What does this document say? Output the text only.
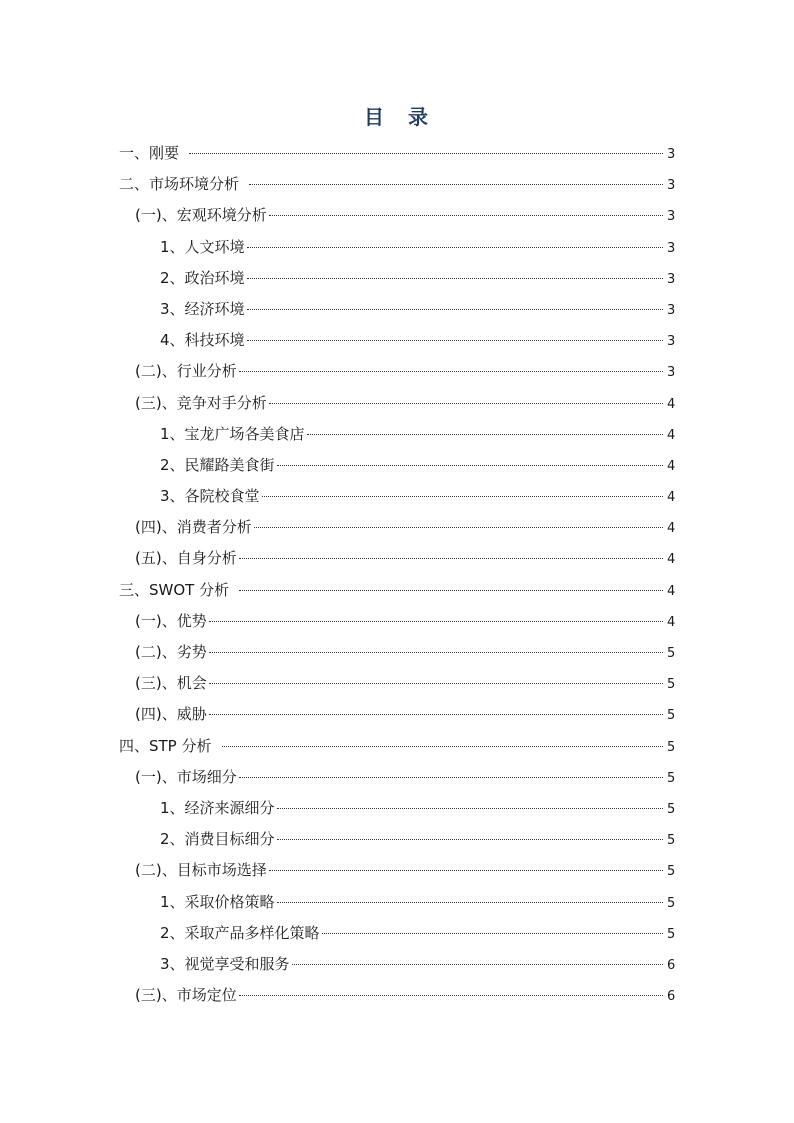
目　录
一、刚要	3
二、市场环境分析	3
(一)、宏观环境分析	3
1、人文环境	3
2、政治环境	3
3、经济环境	3
4、科技环境	3
(二)、行业分析	3
(三)、竞争对手分析	4
1、宝龙广场各美食店	4
2、民耀路美食街	4
3、各院校食堂	4
(四)、消费者分析	4
(五)、自身分析	4
三、SWOT 分析	4
(一)、优势	4
(二)、劣势	5
(三)、机会	5
(四)、威胁	5
四、STP 分析	5
(一)、市场细分	5
1、经济来源细分	5
2、消费目标细分	5
(二)、目标市场选择	5
1、采取价格策略	5
2、采取产品多样化策略	5
3、视觉享受和服务	6
(三)、市场定位	6
